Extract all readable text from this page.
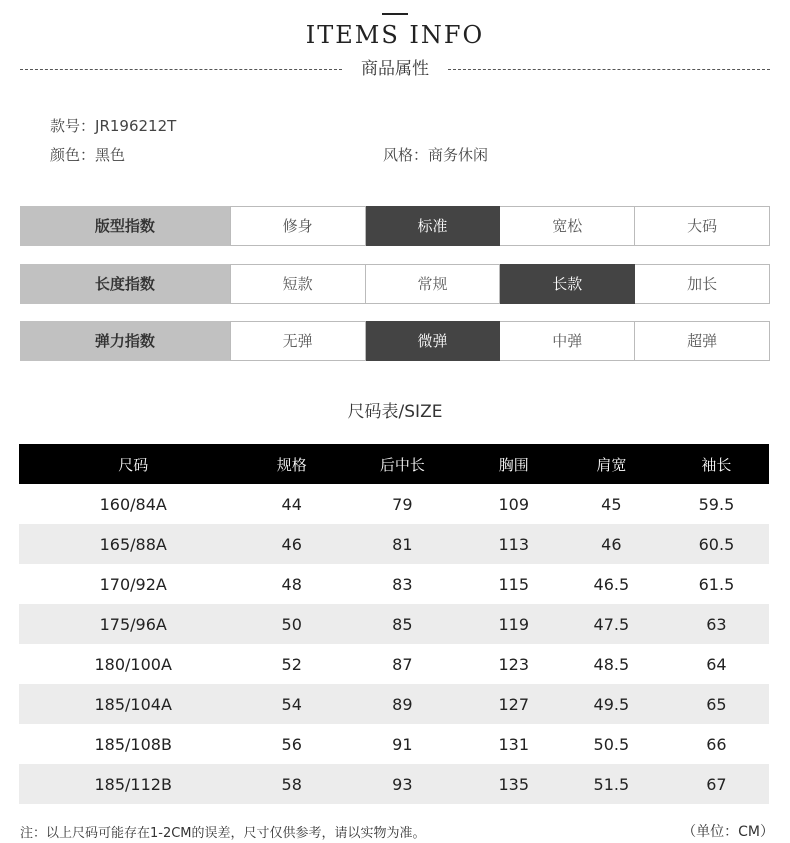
ITEMS INFO
商品属性
款号：JR196212T
颜色：黑色	风格：商务休闲
版型指数	修身	标准	宽松	大码
长度指数	短款	常规	长款	加长
弹力指数	无弹	微弹	中弹	超弹
尺码表/SIZE
尺码	规格	后中长	胸围	肩宽	袖长
160/84A	44	79	109	45	59.5
165/88A	46	81	113	46	60.5
170/92A	48	83	115	46.5	61.5
175/96A	50	85	119	47.5	63
180/100A	52	87	123	48.5	64
185/104A	54	89	127	49.5	65
185/108B	56	91	131	50.5	66
185/112B	58	93	135	51.5	67
注：以上尺码可能存在1-2CM的误差，尺寸仅供参考，请以实物为准。	（单位：CM）
